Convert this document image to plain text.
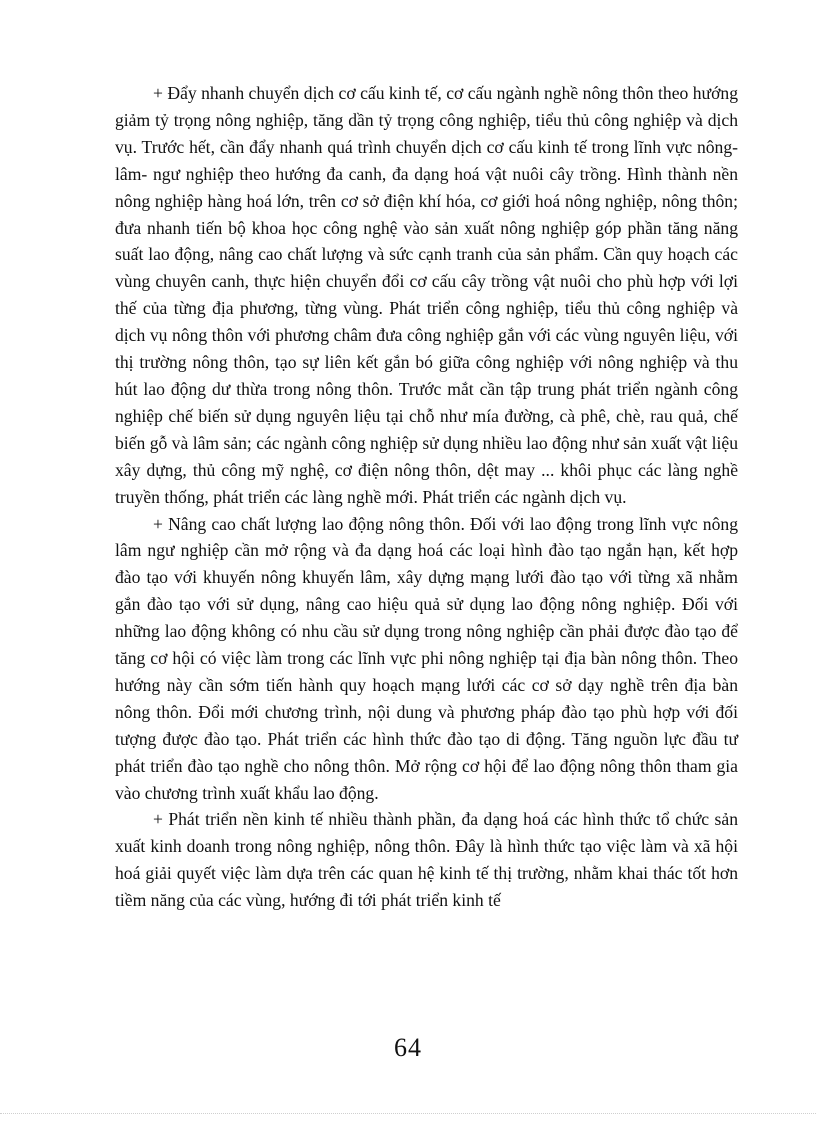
+ Đẩy nhanh chuyển dịch cơ cấu kinh tế, cơ cấu ngành nghề nông thôn theo hướng giảm tỷ trọng nông nghiệp, tăng dần tỷ trọng công nghiệp, tiểu thủ công nghiệp và dịch vụ. Trước hết, cần đẩy nhanh quá trình chuyển dịch cơ cấu kinh tế trong lĩnh vực nông- lâm- ngư nghiệp theo hướng đa canh, đa dạng hoá vật nuôi cây trồng. Hình thành nền nông nghiệp hàng hoá lớn, trên cơ sở điện khí hóa, cơ giới hoá nông nghiệp, nông thôn; đưa nhanh tiến bộ khoa học công nghệ vào sản xuất nông nghiệp góp phần tăng năng suất lao động, nâng cao chất lượng và sức cạnh tranh của sản phẩm. Cần quy hoạch các vùng chuyên canh, thực hiện chuyển đổi cơ cấu cây trồng vật nuôi cho phù hợp với lợi thế của từng địa phương, từng vùng. Phát triển công nghiệp, tiểu thủ công nghiệp và dịch vụ nông thôn với phương châm đưa công nghiệp gắn với các vùng nguyên liệu, với thị trường nông thôn, tạo sự liên kết gắn bó giữa công nghiệp với nông nghiệp và thu hút lao động dư thừa trong nông thôn. Trước mắt cần tập trung phát triển ngành công nghiệp chế biến sử dụng nguyên liệu tại chỗ như mía đường, cà phê, chè, rau quả, chế biến gỗ và lâm sản; các ngành công nghiệp sử dụng nhiều lao động như sản xuất vật liệu xây dựng, thủ công mỹ nghệ, cơ điện nông thôn, dệt may ... khôi phục các làng nghề truyền thống, phát triển các làng nghề mới. Phát triển các ngành dịch vụ.

+ Nâng cao chất lượng lao động nông thôn. Đối với lao động trong lĩnh vực nông lâm ngư nghiệp cần mở rộng và đa dạng hoá các loại hình đào tạo ngắn hạn, kết hợp đào tạo với khuyến nông khuyến lâm, xây dựng mạng lưới đào tạo với từng xã nhằm gắn đào tạo với sử dụng, nâng cao hiệu quả sử dụng lao động nông nghiệp. Đối với những lao động không có nhu cầu sử dụng trong nông nghiệp cần phải được đào tạo để tăng cơ hội có việc làm trong các lĩnh vực phi nông nghiệp tại địa bàn nông thôn. Theo hướng này cần sớm tiến hành quy hoạch mạng lưới các cơ sở dạy nghề trên địa bàn nông thôn. Đổi mới chương trình, nội dung và phương pháp đào tạo phù hợp với đối tượng được đào tạo. Phát triển các hình thức đào tạo di động. Tăng nguồn lực đầu tư phát triển đào tạo nghề cho nông thôn. Mở rộng cơ hội để lao động nông thôn tham gia vào chương trình xuất khẩu lao động.

+ Phát triển nền kinh tế nhiều thành phần, đa dạng hoá các hình thức tổ chức sản xuất kinh doanh trong nông nghiệp, nông thôn. Đây là hình thức tạo việc làm và xã hội hoá giải quyết việc làm dựa trên các quan hệ kinh tế thị trường, nhằm khai thác tốt hơn tiềm năng của các vùng, hướng đi tới phát triển kinh tế

64
